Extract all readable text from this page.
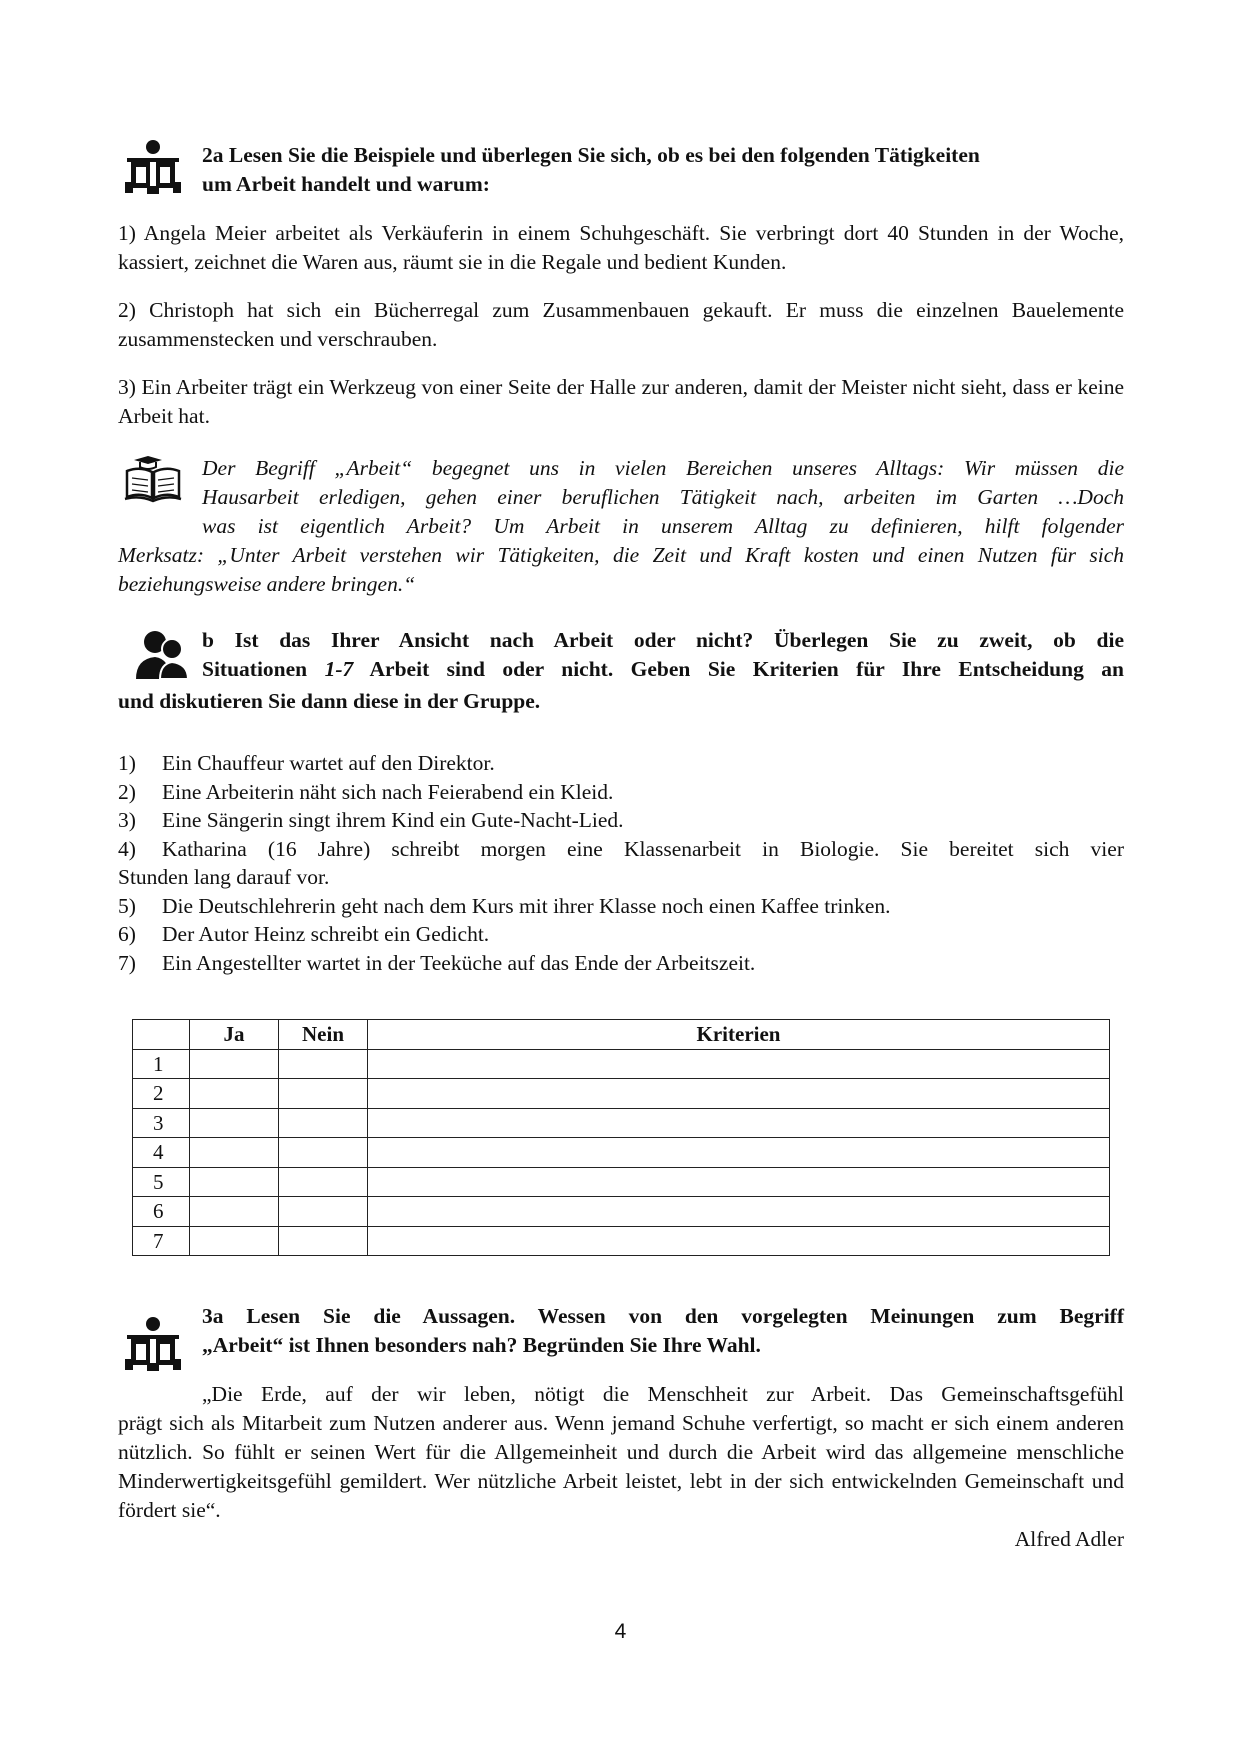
2a Lesen Sie die Beispiele und überlegen Sie sich, ob es bei den folgenden Tätigkeiten
um Arbeit handelt und warum:
1) Angela Meier arbeitet als Verkäuferin in einem Schuhgeschäft. Sie verbringt dort 40 Stunden in der Woche, kassiert, zeichnet die Waren aus, räumt sie in die Regale und bedient Kunden.
2) Christoph hat sich ein Bücherregal zum Zusammenbauen gekauft. Er muss die einzelnen Bauelemente zusammenstecken und verschrauben.
3) Ein Arbeiter trägt ein Werkzeug von einer Seite der Halle zur anderen, damit der Meister nicht sieht, dass er keine Arbeit hat.
Der Begriff „Arbeit“ begegnet uns in vielen Bereichen unseres Alltags: Wir müssen die
Hausarbeit erledigen, gehen einer beruflichen Tätigkeit nach, arbeiten im Garten …Doch
was ist eigentlich Arbeit? Um Arbeit in unserem Alltag zu definieren, hilft folgender
Merksatz: „Unter Arbeit verstehen wir Tätigkeiten, die Zeit und Kraft kosten und einen Nutzen für sich beziehungsweise andere bringen.“
b Ist das Ihrer Ansicht nach Arbeit oder nicht? Überlegen Sie zu zweit, ob die
Situationen 1-7 Arbeit sind oder nicht. Geben Sie Kriterien für Ihre Entscheidung an
und diskutieren Sie dann diese in der Gruppe.
1)	Ein Chauffeur wartet auf den Direktor.
2)	Eine Arbeiterin näht sich nach Feierabend ein Kleid.
3)	Eine Sängerin singt ihrem Kind ein Gute-Nacht-Lied.
4)	Katharina (16 Jahre) schreibt morgen eine Klassenarbeit in Biologie. Sie bereitet sich vier
Stunden lang darauf vor.
5)	Die Deutschlehrerin geht nach dem Kurs mit ihrer Klasse noch einen Kaffee trinken.
6)	Der Autor Heinz schreibt ein Gedicht.
7)	Ein Angestellter wartet in der Teeküche auf das Ende der Arbeitszeit.
	Ja	Nein	Kriterien
1			
2			
3			
4			
5			
6			
7			
3a Lesen Sie die Aussagen. Wessen von den vorgelegten Meinungen zum Begriff
„Arbeit“ ist Ihnen besonders nah? Begründen Sie Ihre Wahl.
„Die Erde, auf der wir leben, nötigt die Menschheit zur Arbeit. Das Gemeinschaftsgefühl
prägt sich als Mitarbeit zum Nutzen anderer aus. Wenn jemand Schuhe verfertigt, so macht er sich einem anderen nützlich. So fühlt er seinen Wert für die Allgemeinheit und durch die Arbeit wird das allgemeine menschliche Minderwertigkeitsgefühl gemildert. Wer nützliche Arbeit leistet, lebt in der sich entwickelnden Gemeinschaft und fördert sie“.
Alfred Adler
4
